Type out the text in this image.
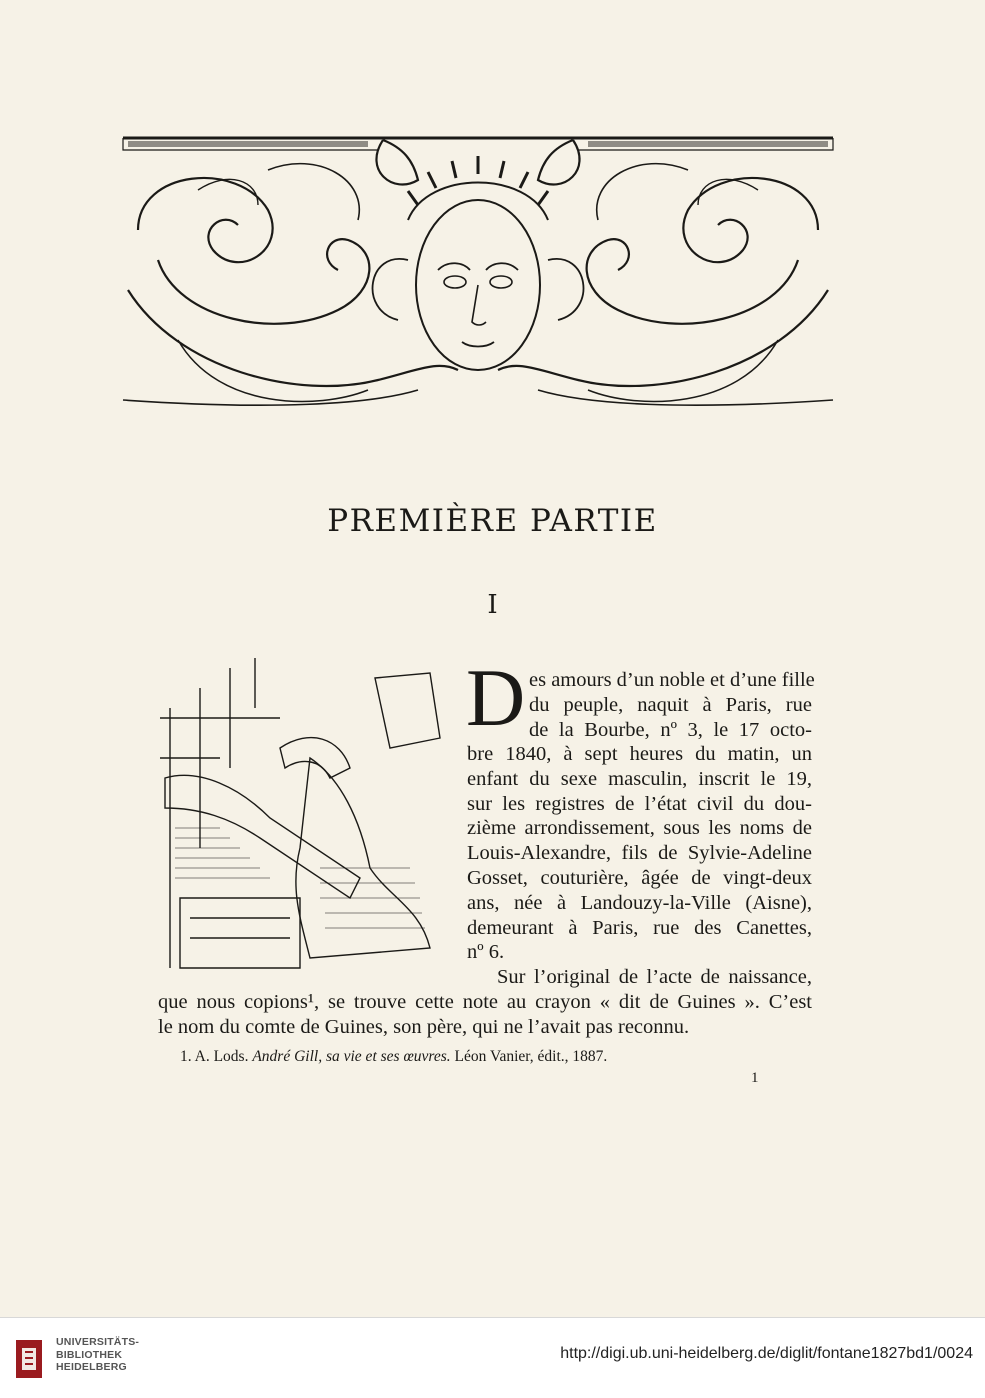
PREMIÈRE PARTIE
I
D es amours d’un noble et d’une fille
du peuple, naquit à Paris, rue
de la Bourbe, nº 3, le 17 octo-
bre 1840, à sept heures du matin, un
enfant du sexe masculin, inscrit le 19,
sur les registres de l’état civil du dou-
zième arrondissement, sous les noms de
Louis-Alexandre, fils de Sylvie-Adeline
Gosset, couturière, âgée de vingt-deux
ans, née à Landouzy-la-Ville (Aisne),
demeurant à Paris, rue des Canettes,
nº 6.
Sur l’original de l’acte de naissance,
que nous copions¹, se trouve cette note au crayon « dit de Guines ». C’est
le nom du comte de Guines, son père, qui ne l’avait pas reconnu.
1. A. Lods. André Gill, sa vie et ses œuvres. Léon Vanier, édit., 1887.
1
UNIVERSITÄTS-
BIBLIOTHEK
HEIDELBERG
http://digi.ub.uni-heidelberg.de/diglit/fontane1827bd1/0024
